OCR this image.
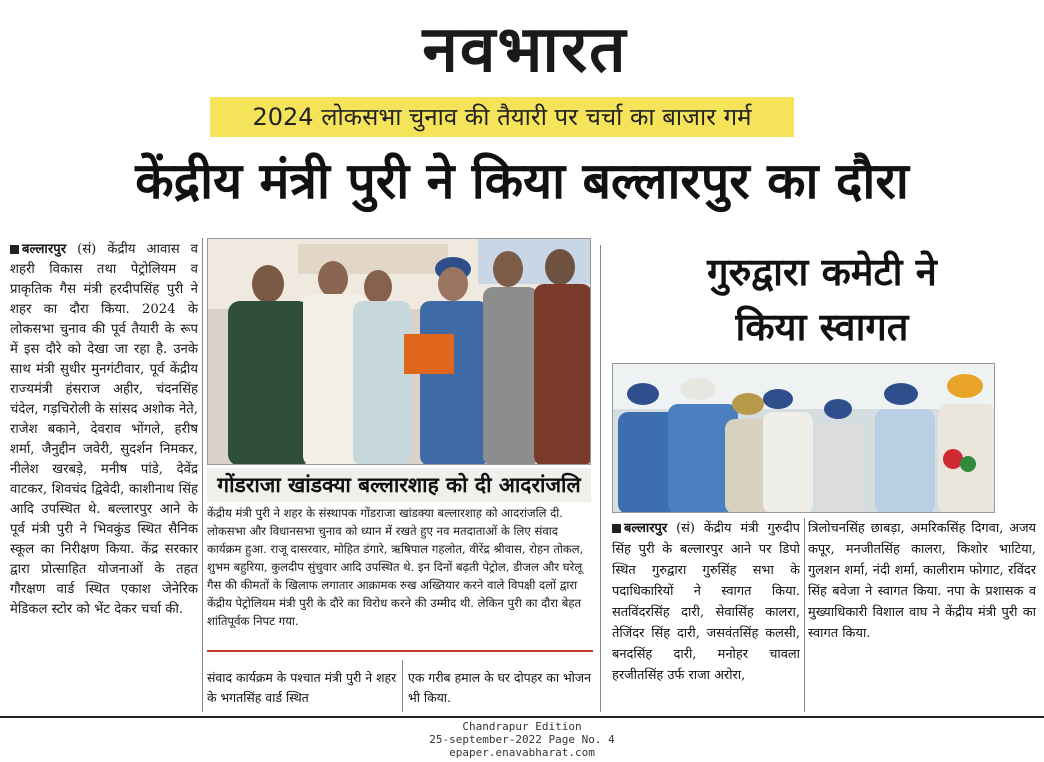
नवभारत
2024 लोकसभा चुनाव की तैयारी पर चर्चा का बाजार गर्म
केंद्रीय मंत्री पुरी ने किया बल्लारपुर का दौरा
बल्लारपुर (सं) केंद्रीय आवास व शहरी विकास तथा पेट्रोलियम व प्राकृतिक गैस मंत्री हरदीपसिंह पुरी ने शहर का दौरा किया. 2024 के लोकसभा चुनाव की पूर्व तैयारी के रूप में इस दौरे को देखा जा रहा है. उनके साथ मंत्री सुधीर मुनगंटीवार, पूर्व केंद्रीय राज्यमंत्री हंसराज अहीर, चंदनसिंह चंदेल, गड़चिरोली के सांसद अशोक नेते, राजेश बकाने, देवराव भोंगले, हरीष शर्मा, जैनुद्दीन जवेरी, सुदर्शन निमकर, नीलेश खरबड़े, मनीष पांडे, देवेंद्र वाटकर, शिवचंद द्विवेदी, काशीनाथ सिंह आदि उपस्थित थे. बल्लारपुर आने के पूर्व मंत्री पुरी ने भिवकुंड स्थित सैनिक स्कूल का निरीक्षण किया. केंद्र सरकार द्वारा प्रोत्साहित योजनाओं के तहत गौरक्षण वार्ड स्थित एकाश जेनेरिक मेडिकल स्टोर को भेंट देकर चर्चा की.
गोंडराजा खांडक्या बल्लारशाह को दी आदरांजलि
केंद्रीय मंत्री पुरी ने शहर के संस्थापक गोंडराजा खांडक्या बल्लारशाह को आदरांजलि दी. लोकसभा और विधानसभा चुनाव को ध्यान में रखते हुए नव मतदाताओं के लिए संवाद कार्यक्रम हुआ. राजू दासरवार, मोहित डंगारे, ऋषिपाल गहलोत, वीरेंद्र श्रीवास, रोहन तोकल, शुभम बहुरिया, कुलदीप सुंचुवार आदि उपस्थित थे. इन दिनों बढ़ती पेट्रोल, डीजल और घरेलू गैस की कीमतों के खिलाफ लगातार आक्रामक रुख अख्तियार करने वाले विपक्षी दलों द्वारा केंद्रीय पेट्रोलियम मंत्री पुरी के दौरे का विरोध करने की उम्मीद थी. लेकिन पुरी का दौरा बेहत शांतिपूर्वक निपट गया.
संवाद कार्यक्रम के पश्चात मंत्री पुरी ने शहर के भगतसिंह वार्ड स्थित
एक गरीब हमाल के घर दोपहर का भोजन भी किया.
गुरुद्वारा कमेटी ने
किया स्वागत
बल्लारपुर (सं) केंद्रीय मंत्री गुरुदीप सिंह पुरी के बल्लारपुर आने पर डिपो स्थित गुरुद्वारा गुरुसिंह सभा के पदाधिकारियों ने स्वागत किया. सतविंदरसिंह दारी, सेवासिंह कालरा, तेजिंदर सिंह दारी, जसवंतसिंह कलसी, बनदसिंह दारी, मनोहर चावला हरजीतसिंह उर्फ राजा अरोरा,
त्रिलोचनसिंह छाबड़ा, अमरिकसिंह दिगवा, अजय कपूर, मनजीतसिंह कालरा, किशोर भाटिया, गुलशन शर्मा, नंदी शर्मा, कालीराम फोगाट, रविंदर सिंह बवेजा ने स्वागत किया. नपा के प्रशासक व मुख्याधिकारी विशाल वाघ ने केंद्रीय मंत्री पुरी का स्वागत किया.
Chandrapur Edition
25-september-2022 Page No. 4
epaper.enavabharat.com
